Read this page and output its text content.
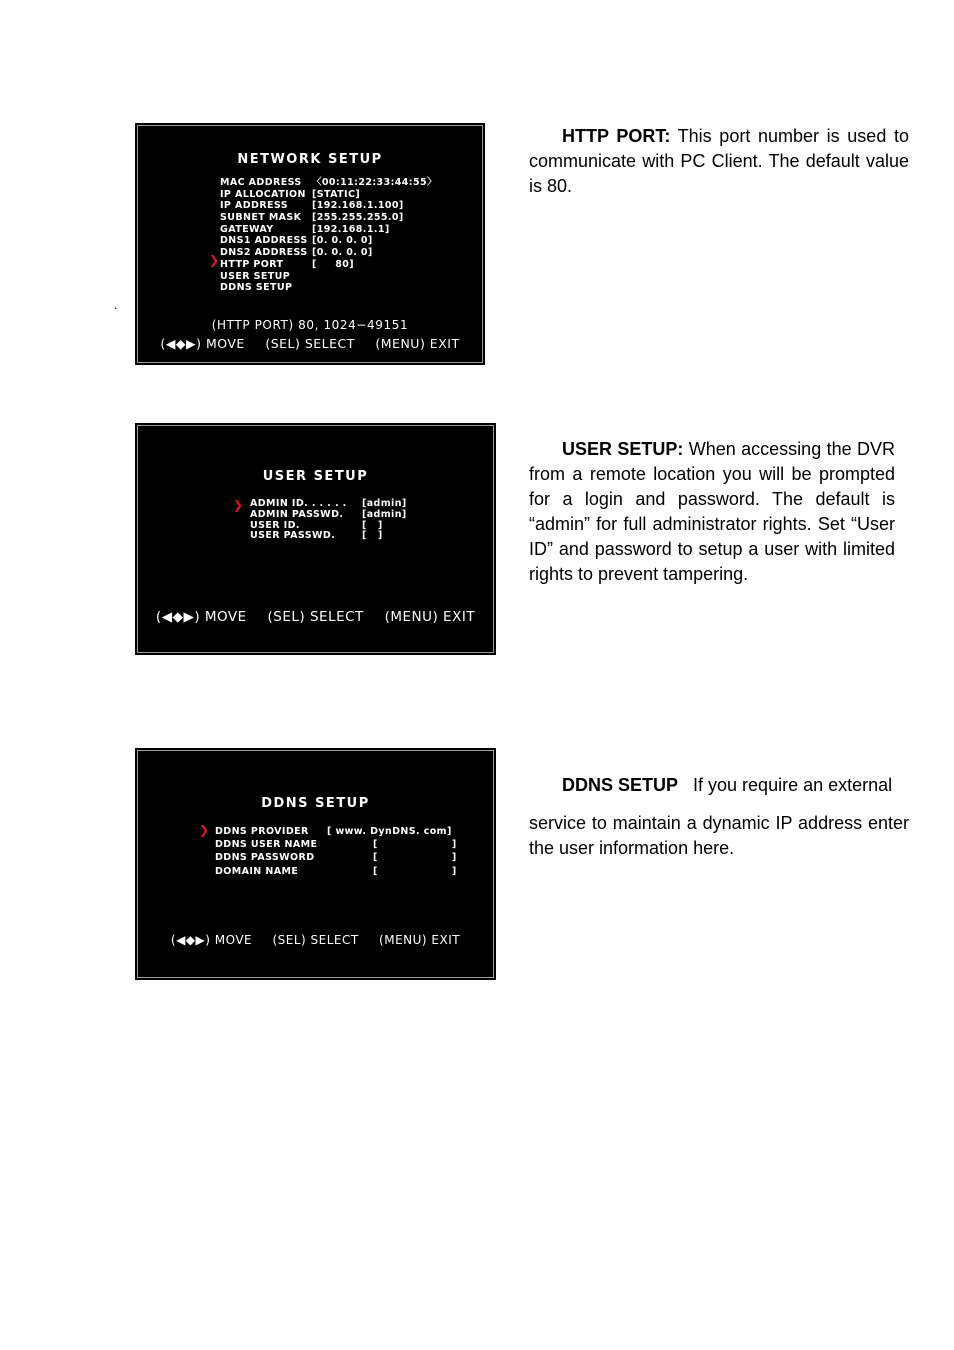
.
NETWORK SETUP
❯
MAC ADDRESS 〈00:11:22:33:44:55〉
IP ALLOCATION [STATIC]
IP ADDRESS	[192.168.1.100]
SUBNET MASK [255.255.255.0]
GATEWAY	[192.168.1.1]
DNS1 ADDRESS [0. 0. 0. 0]
DNS2 ADDRESS [0. 0. 0. 0]
HTTP PORT	[     80]
USER SETUP
DDNS SETUP
(HTTP PORT) 80, 1024−49151
(◀◆▶) MOVE (SEL) SELECT (MENU) EXIT
USER SETUP
❯ ADMIN ID. . . . . . [admin]
ADMIN PASSWD. [admin]
USER ID.	[   ]
USER PASSWD.	[   ]
(◀◆▶) MOVE (SEL) SELECT (MENU) EXIT
DDNS SETUP
❯ DDNS PROVIDER [ www. DynDNS. com]
DDNS USER NAME	[                    ]
DDNS PASSWORD	[                    ]
DOMAIN NAME	[                    ]
(◀◆▶) MOVE (SEL) SELECT (MENU) EXIT
HTTP PORT: This port number is used to communicate with PC Client. The default value is 80.
USER SETUP: When accessing the DVR from a remote location you will be prompted for a login and password. The default is “admin” for full administrator rights. Set “User ID” and password to setup a user with limited rights to prevent tampering.
DDNS SETUP If you require an external
service to maintain a dynamic IP address enter the user information here.
